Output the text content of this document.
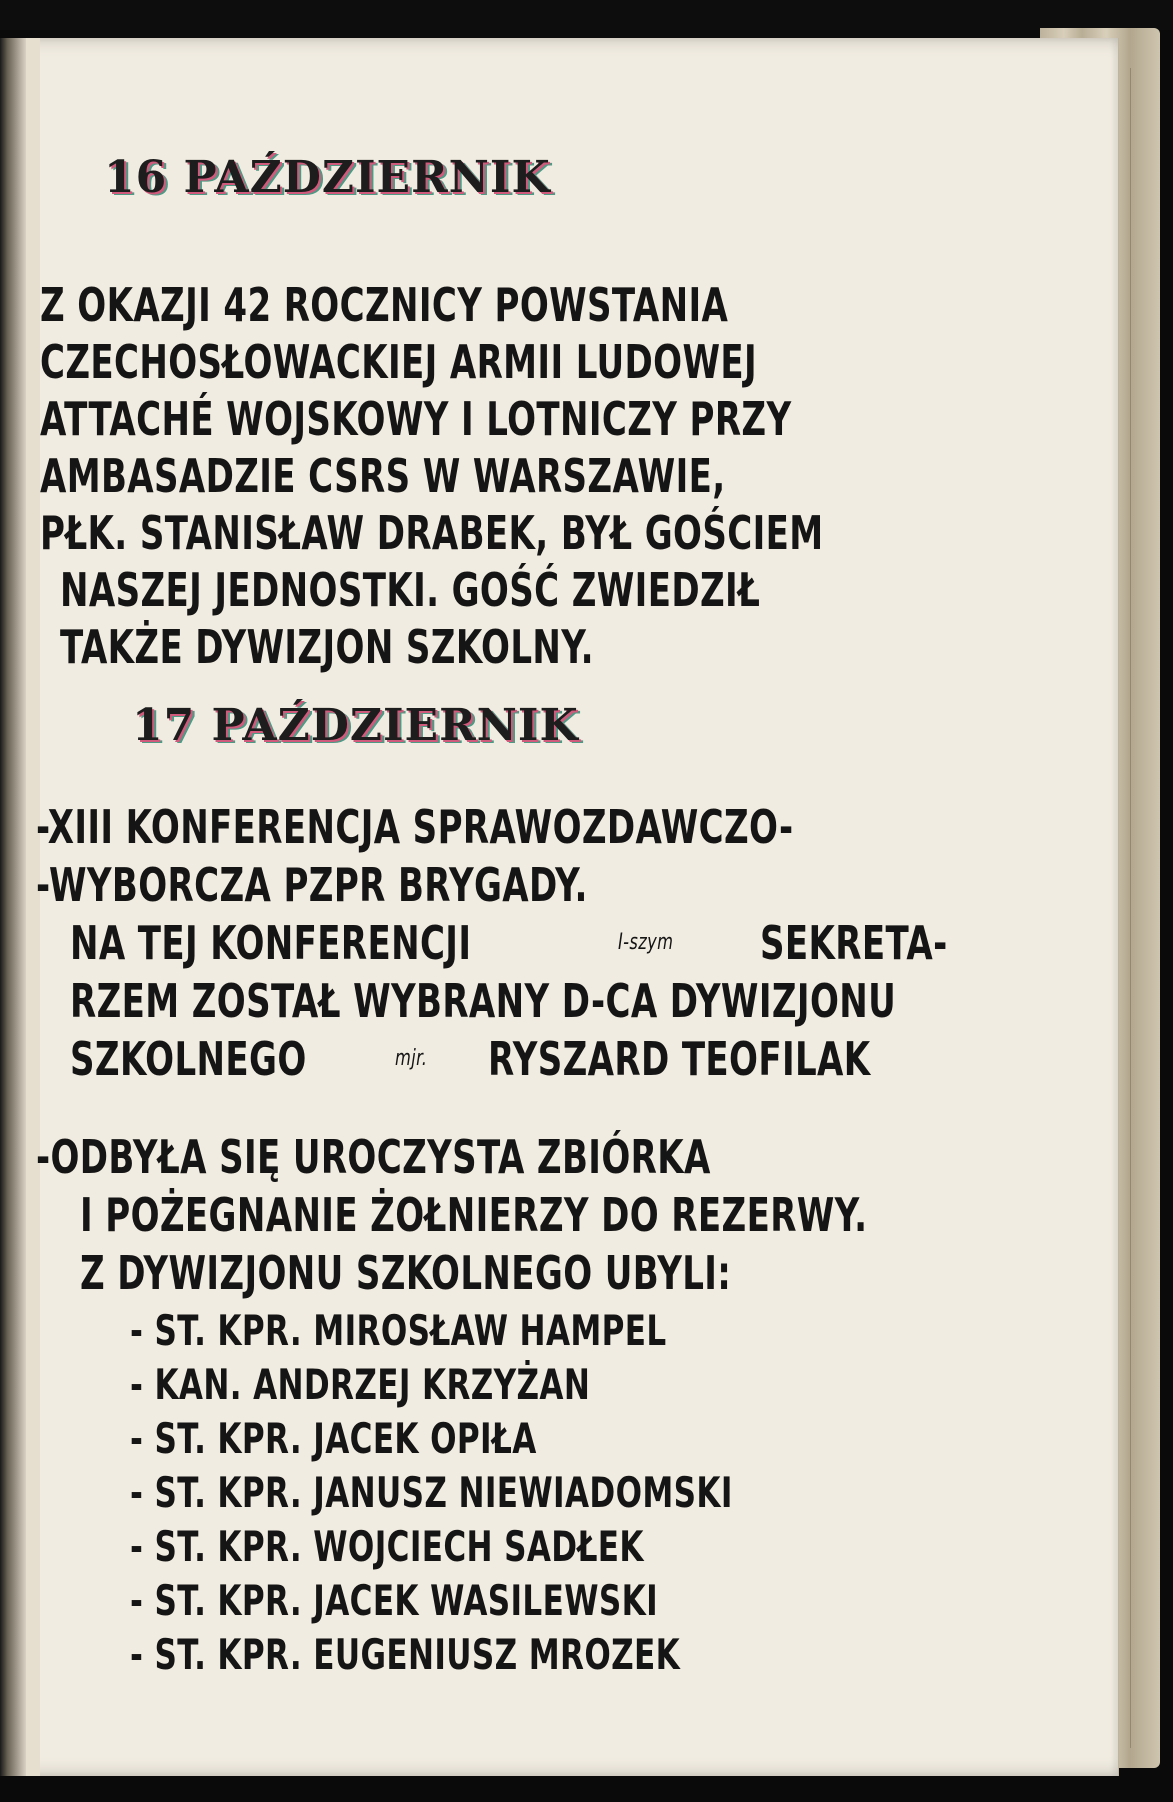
16 PAŹDZIERNIK
Z OKAZJI 42 ROCZNICY POWSTANIA
CZECHOSŁOWACKIEJ ARMII LUDOWEJ
ATTACHÉ WOJSKOWY I LOTNICZY PRZY
AMBASADZIE CSRS W WARSZAWIE,
PŁK. STANISŁAW DRABEK, BYŁ GOŚCIEM
NASZEJ JEDNOSTKI. GOŚĆ ZWIEDZIŁ
TAKŻE DYWIZJON SZKOLNY.
17 PAŹDZIERNIK
-XIII KONFERENCJA SPRAWOZDAWCZO-
-WYBORCZA PZPR BRYGADY.
NA TEJ KONFERENCJI	I-szym SEKRETA-
RZEM ZOSTAŁ WYBRANY D-CA DYWIZJONU
SZKOLNEGO	mjr. RYSZARD TEOFILAK
-ODBYŁA SIĘ UROCZYSTA ZBIÓRKA
I POŻEGNANIE ŻOŁNIERZY DO REZERWY.
Z DYWIZJONU SZKOLNEGO UBYLI:
- ST. KPR. MIROSŁAW HAMPEL
- KAN. ANDRZEJ KRZYŻAN
- ST. KPR. JACEK OPIŁA
- ST. KPR. JANUSZ NIEWIADOMSKI
- ST. KPR. WOJCIECH SADŁEK
- ST. KPR. JACEK WASILEWSKI
- ST. KPR. EUGENIUSZ MROZEK
